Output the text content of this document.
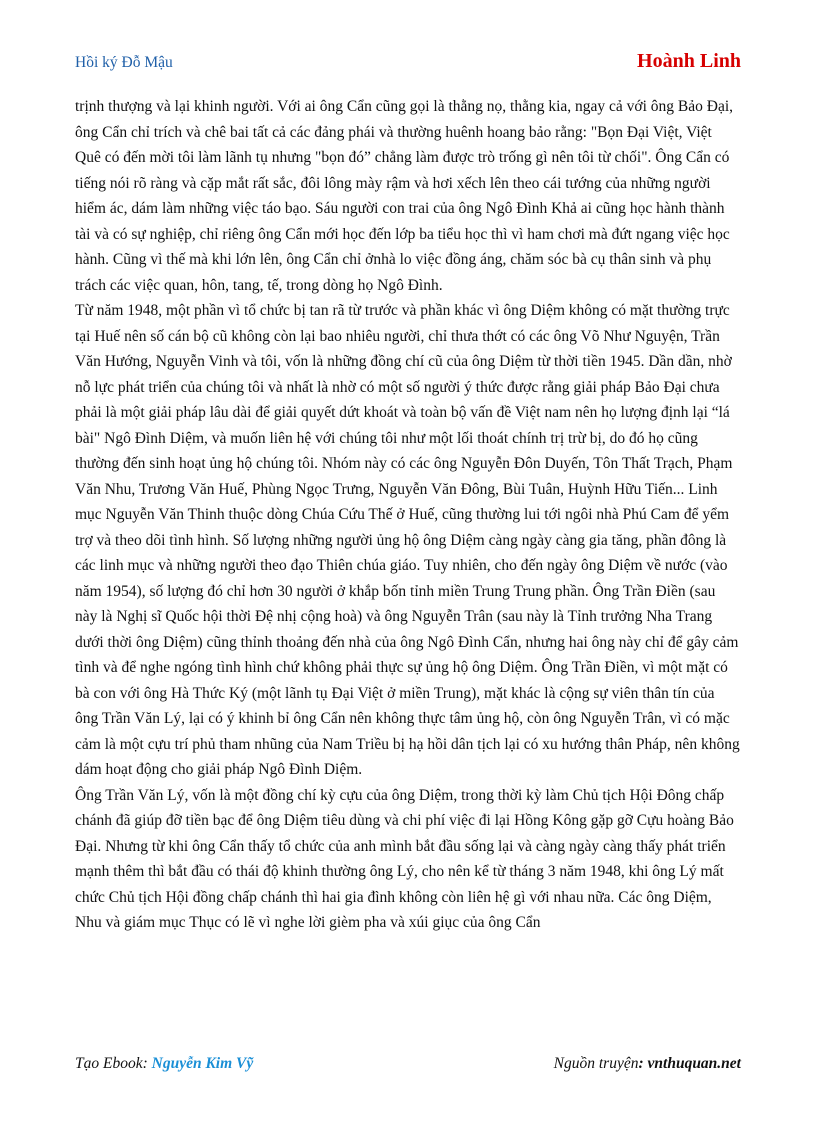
Hồi ký Đỗ Mậu	Hoành Linh

trịnh thượng và lại khinh người. Với ai ông Cẩn cũng gọi là thằng nọ, thằng kia, ngay cả với ông Bảo Đại, ông Cẩn chỉ trích và chê bai tất cả các đảng phái và thường huênh hoang bảo rằng: "Bọn Đại Việt, Việt Quê có đến mời tôi làm lãnh tụ nhưng "bọn đó” chẳng làm được trò trống gì nên tôi từ chối". Ông Cẩn có tiếng nói rõ ràng và cặp mắt rất sắc, đôi lông mày rậm và hơi xếch lên theo cái tướng của những người hiểm ác, dám làm những việc táo bạo. Sáu người con trai của ông Ngô Đình Khả ai cũng học hành thành tài và có sự nghiệp, chỉ riêng ông Cẩn mới học đến lớp ba tiểu học thì vì ham chơi mà đứt ngang việc học hành. Cũng vì thế mà khi lớn lên, ông Cẩn chỉ ởnhà lo việc đồng áng, chăm sóc bà cụ thân sinh và phụ trách các việc quan, hôn, tang, tế, trong dòng họ Ngô Đình.

Từ năm 1948, một phần vì tổ chức bị tan rã từ trước và phần khác vì ông Diệm không có mặt thường trực tại Huế nên số cán bộ cũ không còn lại bao nhiêu người, chỉ thưa thớt có các ông Võ Như Nguyện, Trần Văn Hướng, Nguyễn Vinh và tôi, vốn là những đồng chí cũ của ông Diệm từ thời tiền 1945. Dần dần, nhờ nỗ lực phát triển của chúng tôi và nhất là nhờ có một số người ý thức được rằng giải pháp Bảo Đại chưa phải là một giải pháp lâu dài để giải quyết dứt khoát và toàn bộ vấn đề Việt nam nên họ lượng định lại “lá bài" Ngô Đình Diệm, và muốn liên hệ với chúng tôi như một lối thoát chính trị trừ bị, do đó họ cũng thường đến sinh hoạt ủng hộ chúng tôi. Nhóm này có các ông Nguyễn Đôn Duyến, Tôn Thất Trạch, Phạm Văn Nhu, Trương Văn Huế, Phùng Ngọc Trưng, Nguyễn Văn Đông, Bùi Tuân, Huỳnh Hữu Tiến... Linh mục Nguyễn Văn Thinh thuộc dòng Chúa Cứu Thế ở Huế, cũng thường lui tới ngôi nhà Phú Cam để yểm trợ và theo dõi tình hình. Số lượng những người ủng hộ ông Diệm càng ngày càng gia tăng, phần đông là các linh mục và những người theo đạo Thiên chúa giáo. Tuy nhiên, cho đến ngày ông Diệm về nước (vào năm 1954), số lượng đó chỉ hơn 30 người ở khắp bốn tỉnh miền Trung Trung phần. Ông Trần Điền (sau này là Nghị sĩ Quốc hội thời Đệ nhị cộng hoà) và ông Nguyễn Trân (sau này là Tỉnh trưởng Nha Trang dưới thời ông Diệm) cũng thỉnh thoảng đến nhà của ông Ngô Đình Cẩn, nhưng hai ông này chỉ để gây cảm tình và để nghe ngóng tình hình chứ không phải thực sự ủng hộ ông Diệm. Ông Trần Điền, vì một mặt có bà con với ông Hà Thức Ký (một lãnh tụ Đại Việt ở miền Trung), mặt khác là cộng sự viên thân tín của ông Trần Văn Lý, lại có ý khinh bỉ ông Cẩn nên không thực tâm ủng hộ, còn ông Nguyễn Trân, vì có mặc cảm là một cựu trí phủ tham nhũng của Nam Triều bị hạ hồi dân tịch lại có xu hướng thân Pháp, nên không dám hoạt động cho giải pháp Ngô Đình Diệm.

Ông Trần Văn Lý, vốn là một đồng chí kỳ cựu của ông Diệm, trong thời kỳ làm Chủ tịch Hội Đông chấp chánh đã giúp đỡ tiền bạc để ông Diệm tiêu dùng và chi phí việc đi lại Hồng Kông gặp gỡ Cựu hoàng Bảo Đại. Nhưng từ khi ông Cẩn thấy tổ chức của anh mình bắt đầu sống lại và càng ngày càng thấy phát triển mạnh thêm thì bắt đầu có thái độ khinh thường ông Lý, cho nên kể từ tháng 3 năm 1948, khi ông Lý mất chức Chủ tịch Hội đồng chấp chánh thì hai gia đình không còn liên hệ gì với nhau nữa. Các ông Diệm, Nhu và giám mục Thục có lẽ vì nghe lời gièm pha và xúi giục của ông Cẩn

Tạo Ebook: Nguyễn Kim Vỹ	Nguồn truyện: vnthuquan.net
